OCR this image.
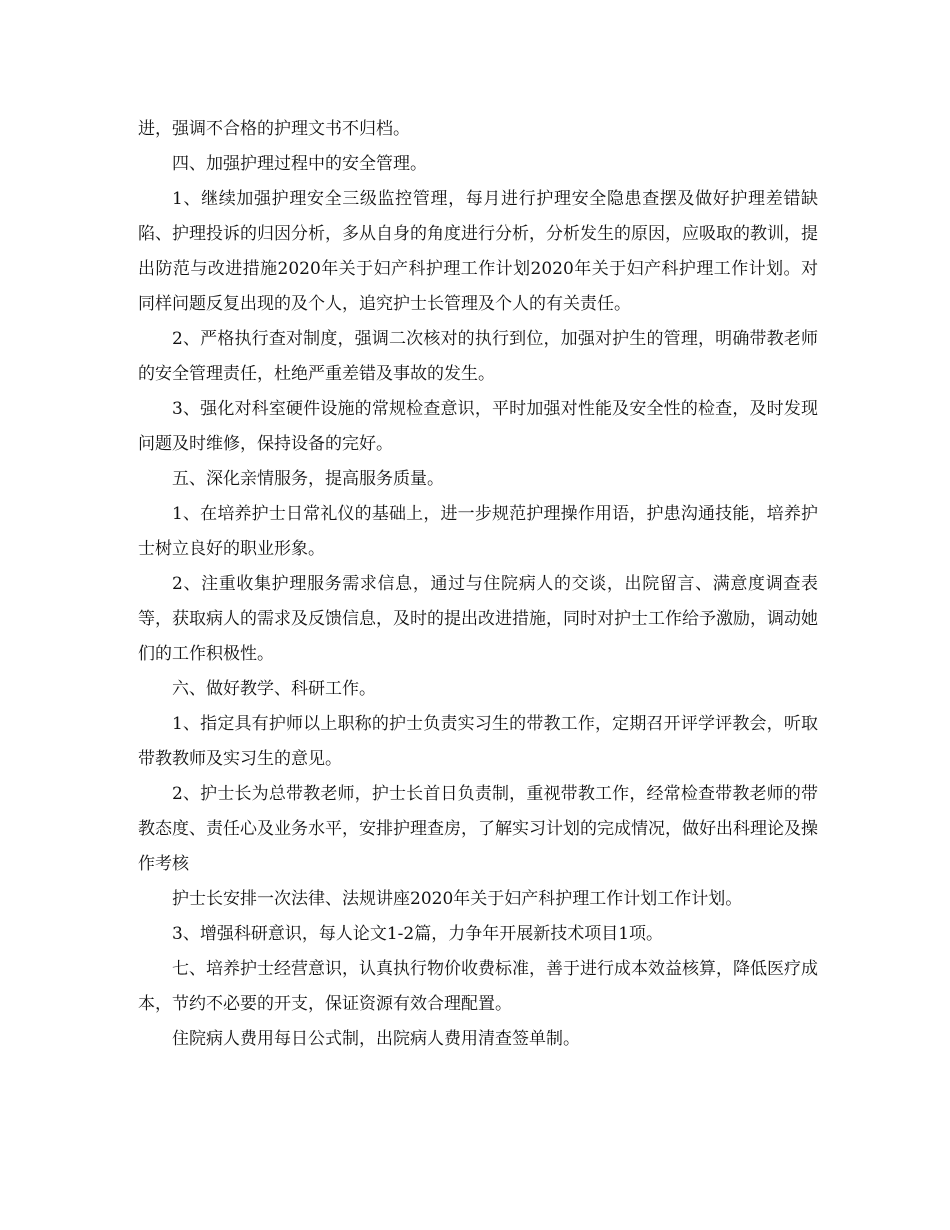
进，强调不合格的护理文书不归档。

四、加强护理过程中的安全管理。

1、继续加强护理安全三级监控管理，每月进行护理安全隐患查摆及做好护理差错缺陷、护理投诉的归因分析，多从自身的角度进行分析，分析发生的原因，应吸取的教训，提出防范与改进措施2020年关于妇产科护理工作计划2020年关于妇产科护理工作计划。对同样问题反复出现的及个人，追究护士长管理及个人的有关责任。

2、严格执行查对制度，强调二次核对的执行到位，加强对护生的管理，明确带教老师的安全管理责任，杜绝严重差错及事故的发生。

3、强化对科室硬件设施的常规检查意识，平时加强对性能及安全性的检查，及时发现问题及时维修，保持设备的完好。

五、深化亲情服务，提高服务质量。

1、在培养护士日常礼仪的基础上，进一步规范护理操作用语，护患沟通技能，培养护士树立良好的职业形象。

2、注重收集护理服务需求信息，通过与住院病人的交谈，出院留言、满意度调查表等，获取病人的需求及反馈信息，及时的提出改进措施，同时对护士工作给予激励，调动她们的工作积极性。

六、做好教学、科研工作。

1、指定具有护师以上职称的护士负责实习生的带教工作，定期召开评学评教会，听取带教教师及实习生的意见。

2、护士长为总带教老师，护士长首日负责制，重视带教工作，经常检查带教老师的带教态度、责任心及业务水平，安排护理查房，了解实习计划的完成情况，做好出科理论及操作考核

护士长安排一次法律、法规讲座2020年关于妇产科护理工作计划工作计划。

3、增强科研意识，每人论文1-2篇，力争年开展新技术项目1项。

七、培养护士经营意识，认真执行物价收费标准，善于进行成本效益核算，降低医疗成本，节约不必要的开支，保证资源有效合理配置。

住院病人费用每日公式制，出院病人费用清查签单制。
